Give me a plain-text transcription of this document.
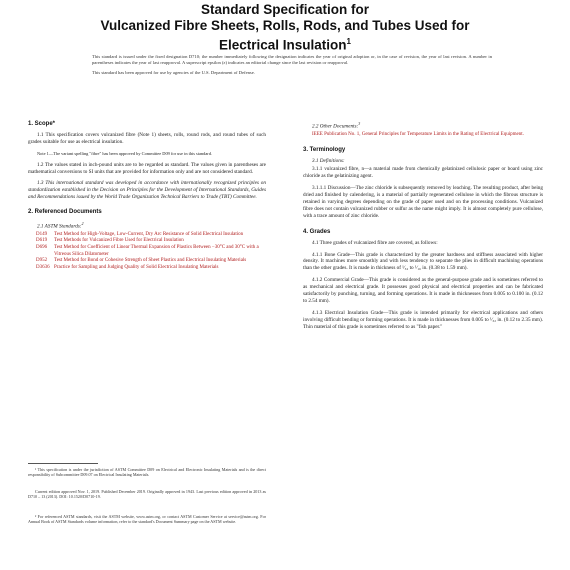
Standard Specification for
Vulcanized Fibre Sheets, Rolls, Rods, and Tubes Used for
Electrical Insulation$^1$

This standard is issued under the fixed designation D710; the number immediately following the designation indicates the year of original adoption or, in the case of revision, the year of last revision. A number in parentheses indicates the year of last reapproval. A superscript epsilon (ε) indicates an editorial change since the last revision or reapproval.

This standard has been approved for use by agencies of the U.S. Department of Defense.

1. Scope*
1.1 This specification covers vulcanized fibre (Note 1) sheets, rolls, round rods, and round tubes of such grades suitable for use as electrical insulation.
Note 1—The variant spelling "fibre" has been approved by Committee D09 for use in this standard.
1.2 The values stated in inch-pound units are to be regarded as standard. The values given in parentheses are mathematical conversions to SI units that are provided for information only and are not considered standard.
1.3 This international standard was developed in accordance with internationally recognized principles on standardization established in the Decision on Principles for the Development of International Standards, Guides and Recommendations issued by the World Trade Organization Technical Barriers to Trade (TBT) Committee.
2. Referenced Documents
2.1 ASTM Standards:$^2$
D149	Test Method for High-Voltage, Low-Current, Dry Arc Resistance of Solid Electrical Insulation
D619	Test Methods for Vulcanized Fibre Used for Electrical Insulation
D696	Test Method for Coefficient of Linear Thermal Expansion of Plastics Between −30°C and 30°C with a Vitreous Silica Dilatometer
D952	Test Method for Bond or Cohesive Strength of Sheet Plastics and Electrical Insulating Materials
D3636 Practice for Sampling and Judging Quality of Solid Electrical Insulating Materials
¹ This specification is under the jurisdiction of ASTM Committee D09 on Electrical and Electronic Insulating Materials and is the direct responsibility of Subcommittee D09.07 on Electrical Insulating Materials.
Current edition approved Nov. 1, 2019. Published December 2019. Originally approved in 1943. Last previous edition approved in 2013 as D710 – 13 (2013). DOI: 10.1520/D0710-19.
² For referenced ASTM standards, visit the ASTM website, www.astm.org, or contact ASTM Customer Service at service@astm.org. For Annual Book of ASTM Standards volume information, refer to the standard's Document Summary page on the ASTM website.
2.2 Other Documents:$^3$
IEEE Publication No. 1, General Principles for Temperature Limits in the Rating of Electrical Equipment.
3. Terminology
3.1 Definitions:
3.1.1 vulcanized fibre, n—a material made from chemically gelatinized cellulosic paper or board using zinc chloride as the gelatinizing agent.
3.1.1.1 Discussion—The zinc chloride is subsequently removed by leaching. The resulting product, after being dried and finished by calendering, is a material of partially regenerated cellulose in which the fibrous structure is retained in varying degrees depending on the grade of paper used and on the processing conditions. Vulcanized fibre does not contain vulcanized rubber or sulfur as the name might imply. It is almost completely pure cellulose, with a trace amount of zinc chloride.
4. Grades
4.1 Three grades of vulcanized fibre are covered, as follows:
4.1.1 Bone Grade—This grade is characterized by the greater hardness and stiffness associated with higher density. It machines more smoothly and with less tendency to separate the plies in difficult machining operations than the other grades. It is made in thickness of ¹⁄₃₂ to ¹⁄₁₆ in. (0.38 to 1.59 mm).
4.1.2 Commercial Grade—This grade is considered as the general-purpose grade and is sometimes referred to as mechanical and electrical grade. It possesses good physical and electrical properties and can be fabricated satisfactorily by punching, turning, and forming operations. It is made in thicknesses from 0.005 to 0.100 in. (0.12 to 2.54 mm).
4.1.3 Electrical Insulation Grade—This grade is intended primarily for electrical applications and others involving difficult bending or forming operations. It is made in thicknesses from 0.005 to ¹⁄₃₂ in. (0.12 to 2.35 mm). Thin material of this grade is sometimes referred to as "fish paper."
